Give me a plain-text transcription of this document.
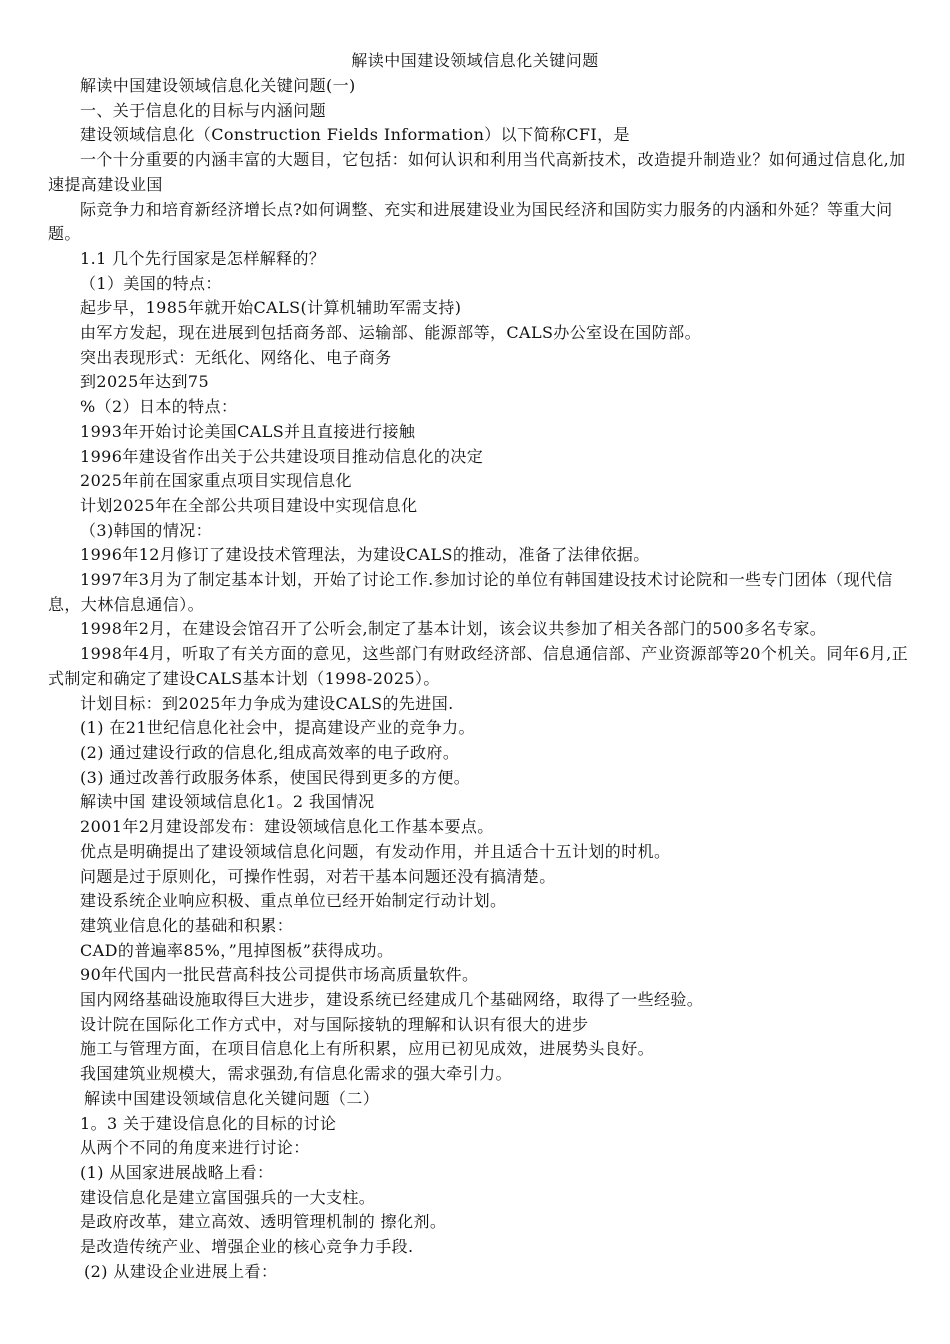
解读中国建设领域信息化关键问题
解读中国建设领域信息化关键问题(一)
一、关于信息化的目标与内涵问题
建设领域信息化（Construction Fields Information）以下简称CFI，是
一个十分重要的内涵丰富的大题目，它包括：如何认识和利用当代高新技术，改造提升制造业？如何通过信息化,加速提高建设业国
际竞争力和培育新经济增长点?如何调整、充实和进展建设业为国民经济和国防实力服务的内涵和外延？等重大问题。
1.1 几个先行国家是怎样解释的？
（1）美国的特点：
起步早，1985年就开始CALS(计算机辅助军需支持)
由军方发起，现在进展到包括商务部、运输部、能源部等，CALS办公室设在国防部。
突出表现形式：无纸化、网络化、电子商务
到2025年达到75
%（2）日本的特点：
1993年开始讨论美国CALS并且直接进行接触
1996年建设省作出关于公共建设项目推动信息化的决定
2025年前在国家重点项目实现信息化
计划2025年在全部公共项目建设中实现信息化
（3)韩国的情况：
1996年12月修订了建设技术管理法，为建设CALS的推动，准备了法律依据。
1997年3月为了制定基本计划，开始了讨论工作.参加讨论的单位有韩国建设技术讨论院和一些专门团体（现代信息，大林信息通信）。
1998年2月，在建设会馆召开了公听会,制定了基本计划，该会议共参加了相关各部门的500多名专家。
1998年4月，听取了有关方面的意见，这些部门有财政经济部、信息通信部、产业资源部等20个机关。同年6月,正式制定和确定了建设CALS基本计划（1998-2025）。
计划目标：到2025年力争成为建设CALS的先进国.
(1) 在21世纪信息化社会中，提高建设产业的竞争力。
(2) 通过建设行政的信息化,组成高效率的电子政府。
(3) 通过改善行政服务体系，使国民得到更多的方便。
解读中国 建设领域信息化1。2 我国情况
2001年2月建设部发布：建设领域信息化工作基本要点。
优点是明确提出了建设领域信息化问题，有发动作用，并且适合十五计划的时机。
问题是过于原则化，可操作性弱，对若干基本问题还没有搞清楚。
建设系统企业响应积极、重点单位已经开始制定行动计划。
建筑业信息化的基础和积累：
CAD的普遍率85%，”甩掉图板”获得成功。
90年代国内一批民营高科技公司提供市场高质量软件。
国内网络基础设施取得巨大进步，建设系统已经建成几个基础网络，取得了一些经验。
设计院在国际化工作方式中，对与国际接轨的理解和认识有很大的进步
施工与管理方面，在项目信息化上有所积累，应用已初见成效，进展势头良好。
我国建筑业规模大，需求强劲,有信息化需求的强大牵引力。
解读中国建设领域信息化关键问题（二）
1。3 关于建设信息化的目标的讨论
从两个不同的角度来进行讨论：
(1) 从国家进展战略上看：
建设信息化是建立富国强兵的一大支柱。
是政府改革，建立高效、透明管理机制的 擦化剂。
是改造传统产业、增强企业的核心竞争力手段.
(2) 从建设企业进展上看：
